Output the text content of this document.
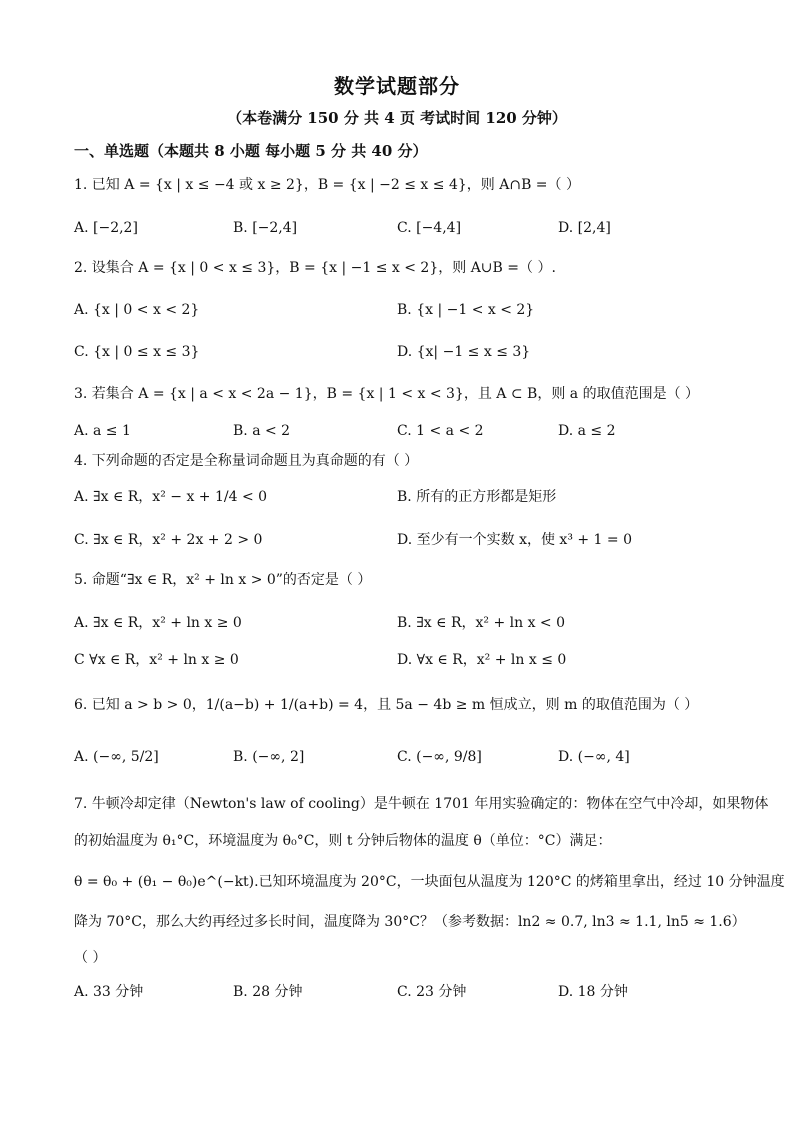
数学试题部分
（本卷满分 150 分 共 4 页 考试时间 120 分钟）
一、单选题（本题共 8 小题 每小题 5 分 共 40 分）
1. 已知 A = {x | x ≤ −4 或 x ≥ 2}，B = {x | −2 ≤ x ≤ 4}，则 A∩B =（ ）
A. [−2,2]	B. [−2,4]	C. [−4,4]	D. [2,4]
2. 设集合 A = {x | 0 < x ≤ 3}，B = {x | −1 ≤ x < 2}，则 A∪B =（ ）.
A. {x | 0 < x < 2}	B. {x | −1 < x < 2}
C. {x | 0 ≤ x ≤ 3}	D. {x| −1 ≤ x ≤ 3}
3. 若集合 A = {x | a < x < 2a − 1}，B = {x | 1 < x < 3}，且 A ⊂ B，则 a 的取值范围是（ ）
A. a ≤ 1	B. a < 2	C. 1 < a < 2	D. a ≤ 2
4. 下列命题的否定是全称量词命题且为真命题的有（ ）
A. ∃x ∈ R，x² − x + 1/4 < 0	B. 所有的正方形都是矩形
C. ∃x ∈ R，x² + 2x + 2 > 0	D. 至少有一个实数 x，使 x³ + 1 = 0
5. 命题“∃x ∈ R，x² + ln x > 0”的否定是（ ）
A. ∃x ∈ R，x² + ln x ≥ 0	B. ∃x ∈ R，x² + ln x < 0
C ∀x ∈ R，x² + ln x ≥ 0	D. ∀x ∈ R，x² + ln x ≤ 0
6. 已知 a > b > 0，1/(a−b) + 1/(a+b) = 4，且 5a − 4b ≥ m 恒成立，则 m 的取值范围为（ ）
A. (−∞, 5/2]	B. (−∞, 2]	C. (−∞, 9/8]	D. (−∞, 4]
7. 牛顿冷却定律（Newton's law of cooling）是牛顿在 1701 年用实验确定的：物体在空气中冷却，如果物体
的初始温度为 θ₁°C，环境温度为 θ₀°C，则 t 分钟后物体的温度 θ（单位：°C）满足：
θ = θ₀ + (θ₁ − θ₀)e^(−kt).已知环境温度为 20°C，一块面包从温度为 120°C 的烤箱里拿出，经过 10 分钟温度
降为 70°C，那么大约再经过多长时间，温度降为 30°C？（参考数据：ln2 ≈ 0.7, ln3 ≈ 1.1, ln5 ≈ 1.6）
（ ）
A. 33 分钟	B. 28 分钟	C. 23 分钟	D. 18 分钟
